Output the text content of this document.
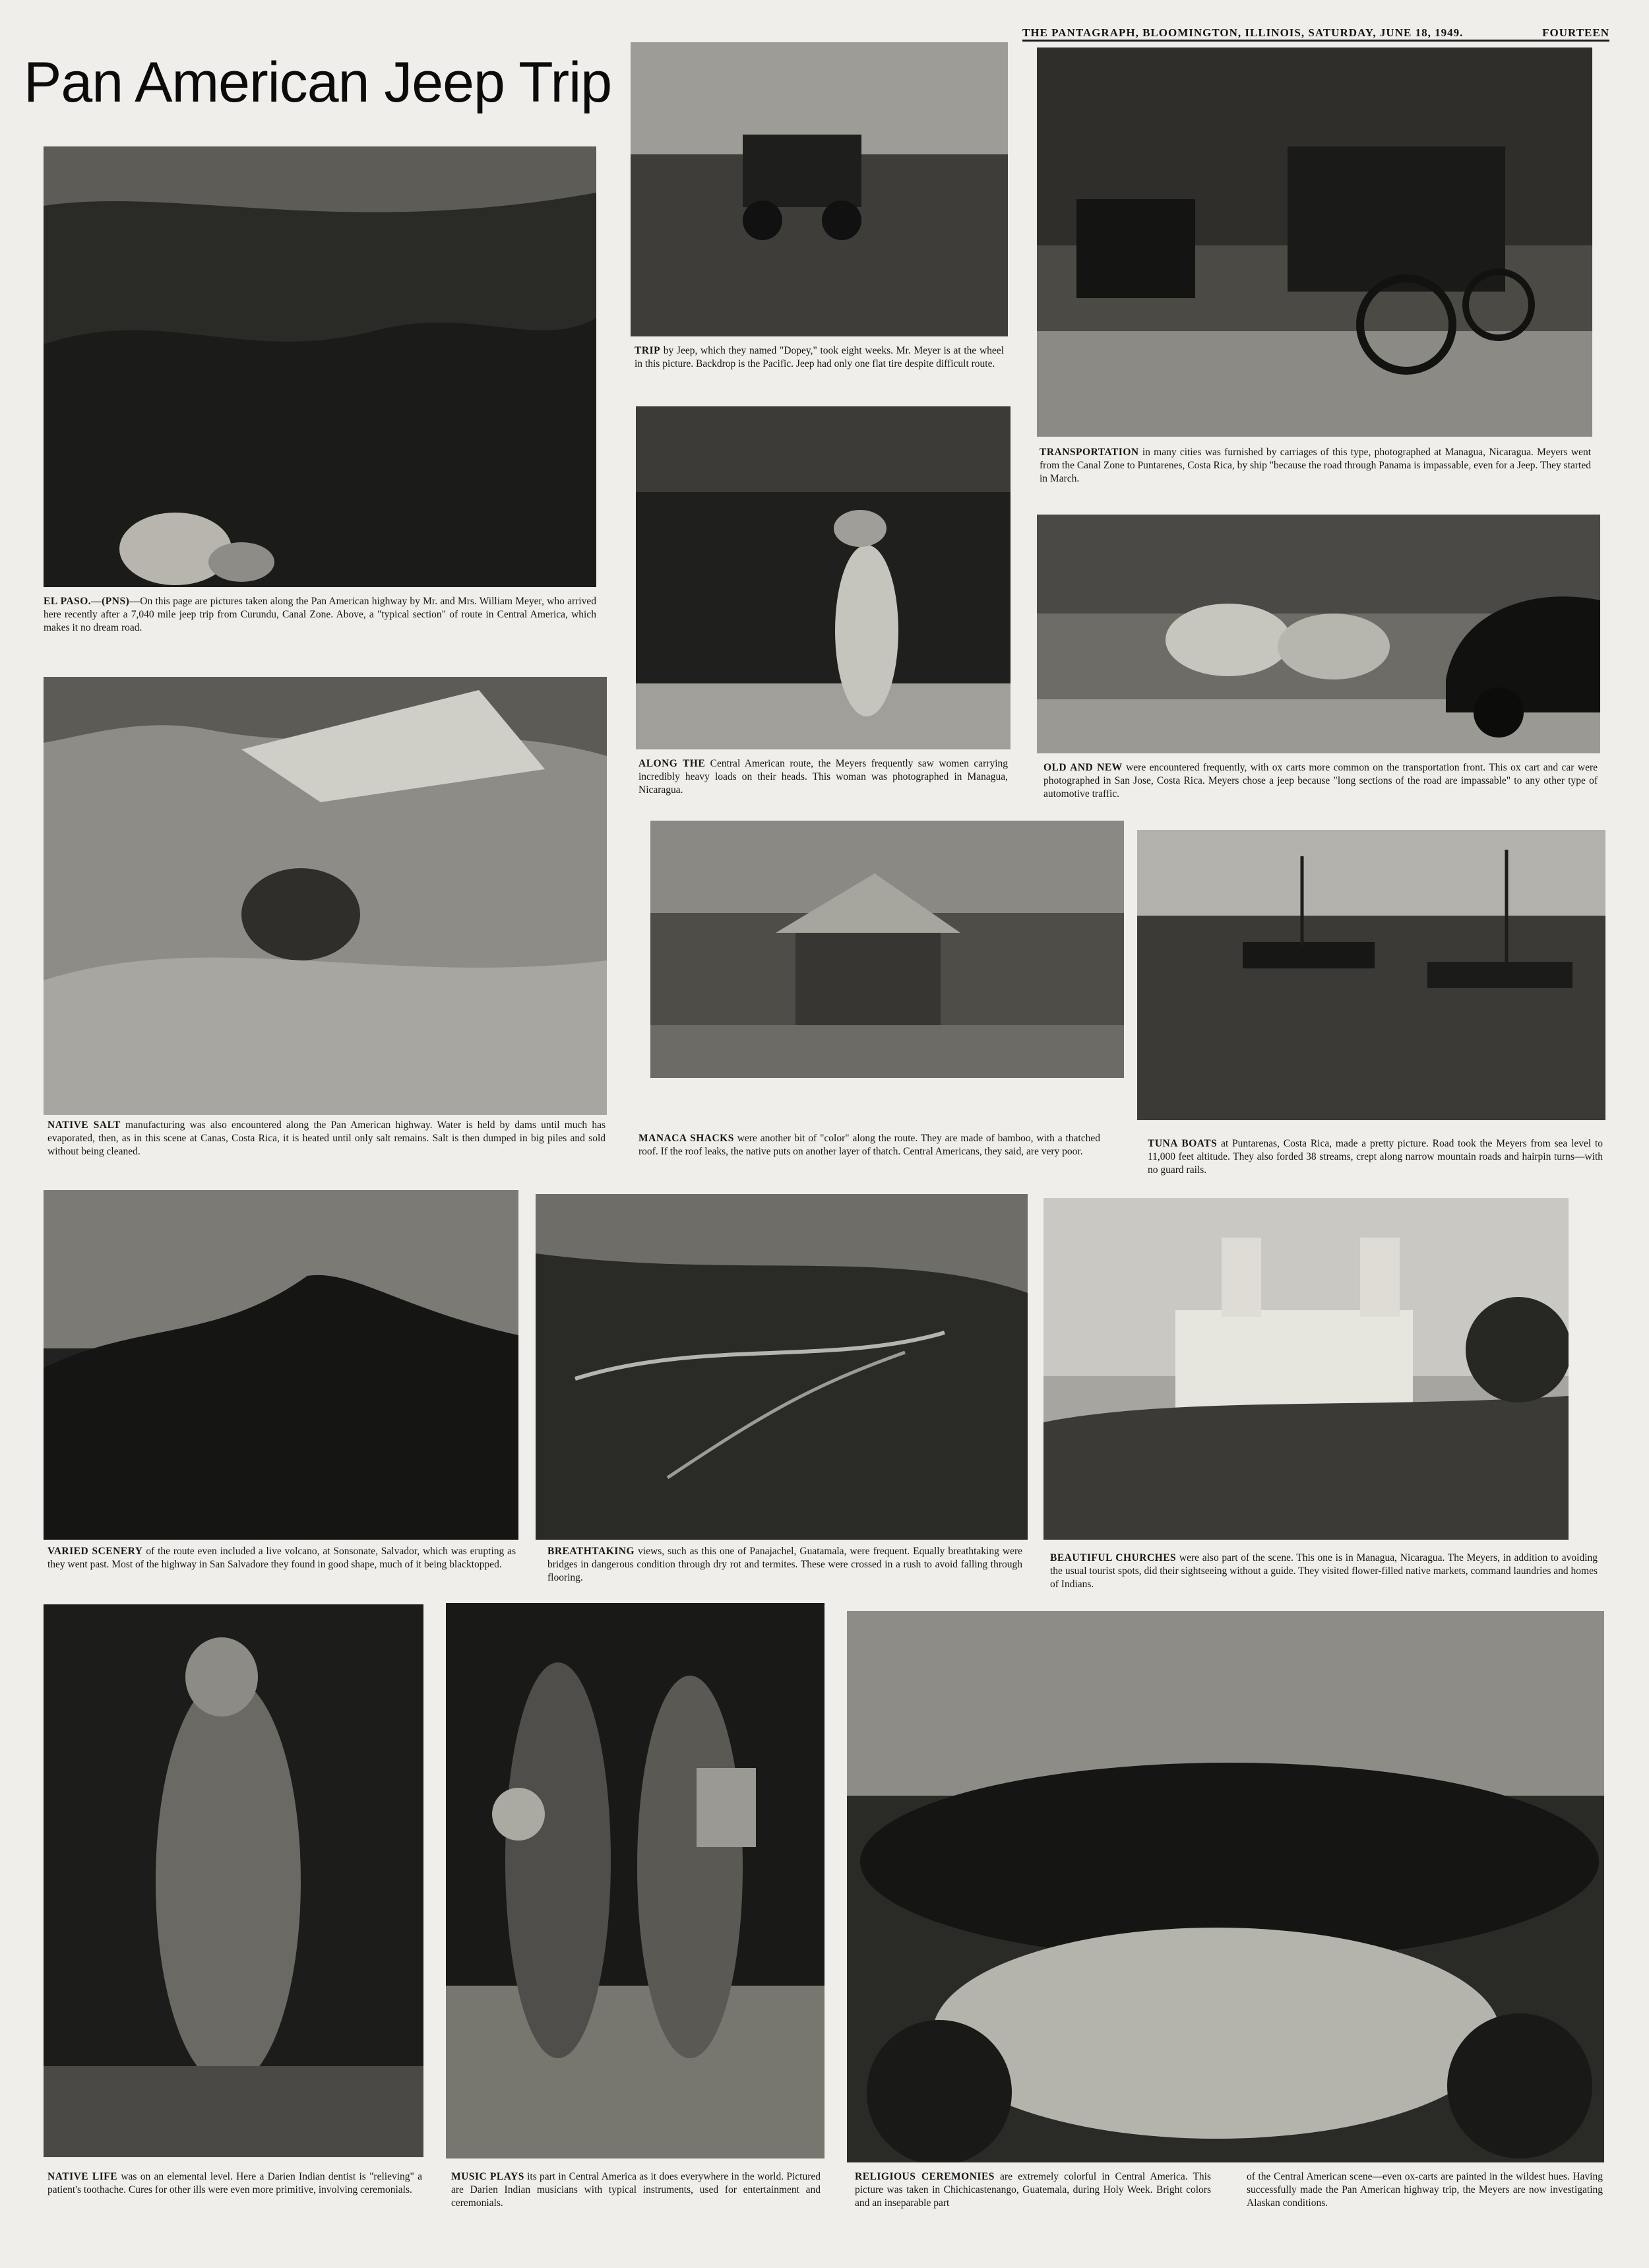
THE PANTAGRAPH, BLOOMINGTON, ILLINOIS, SATURDAY, JUNE 18, 1949.	FOURTEEN
Pan American Jeep Trip
EL PASO.—(PNS)—On this page are pictures taken along the Pan American highway by Mr. and Mrs. William Meyer, who arrived here recently after a 7,040 mile jeep trip from Curundu, Canal Zone. Above, a "typical section" of route in Central America, which makes it no dream road.
TRIP by Jeep, which they named "Dopey," took eight weeks. Mr. Meyer is at the wheel in this picture. Backdrop is the Pacific. Jeep had only one flat tire despite difficult route.
TRANSPORTATION in many cities was furnished by carriages of this type, photographed at Managua, Nicaragua. Meyers went from the Canal Zone to Puntarenes, Costa Rica, by ship "because the road through Panama is impassable, even for a Jeep. They started in March.
ALONG THE Central American route, the Meyers frequently saw women carrying incredibly heavy loads on their heads. This woman was photographed in Managua, Nicaragua.
OLD AND NEW were encountered frequently, with ox carts more common on the transportation front. This ox cart and car were photographed in San Jose, Costa Rica. Meyers chose a jeep because "long sections of the road are impassable" to any other type of automotive traffic.
NATIVE SALT manufacturing was also encountered along the Pan American highway. Water is held by dams until much has evaporated, then, as in this scene at Canas, Costa Rica, it is heated until only salt remains. Salt is then dumped in big piles and sold without being cleaned.
MANACA SHACKS were another bit of "color" along the route. They are made of bamboo, with a thatched roof. If the roof leaks, the native puts on another layer of thatch. Central Americans, they said, are very poor.
TUNA BOATS at Puntarenas, Costa Rica, made a pretty picture. Road took the Meyers from sea level to 11,000 feet altitude. They also forded 38 streams, crept along narrow mountain roads and hairpin turns—with no guard rails.
VARIED SCENERY of the route even included a live volcano, at Sonsonate, Salvador, which was erupting as they went past. Most of the highway in San Salvadore they found in good shape, much of it being blacktopped.
BREATHTAKING views, such as this one of Panajachel, Guatamala, were frequent. Equally breathtaking were bridges in dangerous condition through dry rot and termites. These were crossed in a rush to avoid falling through flooring.
BEAUTIFUL CHURCHES were also part of the scene. This one is in Managua, Nicaragua. The Meyers, in addition to avoiding the usual tourist spots, did their sightseeing without a guide. They visited flower-filled native markets, command laundries and homes of Indians.
NATIVE LIFE was on an elemental level. Here a Darien Indian dentist is "relieving" a patient's toothache. Cures for other ills were even more primitive, involving ceremonials.
MUSIC PLAYS its part in Central America as it does everywhere in the world. Pictured are Darien Indian musicians with typical instruments, used for entertainment and ceremonials.
RELIGIOUS CEREMONIES are extremely colorful in Central America. This picture was taken in Chichicastenango, Guatemala, during Holy Week. Bright colors and an inseparable part
of the Central American scene—even ox-carts are painted in the wildest hues. Having successfully made the Pan American highway trip, the Meyers are now investigating Alaskan conditions.
